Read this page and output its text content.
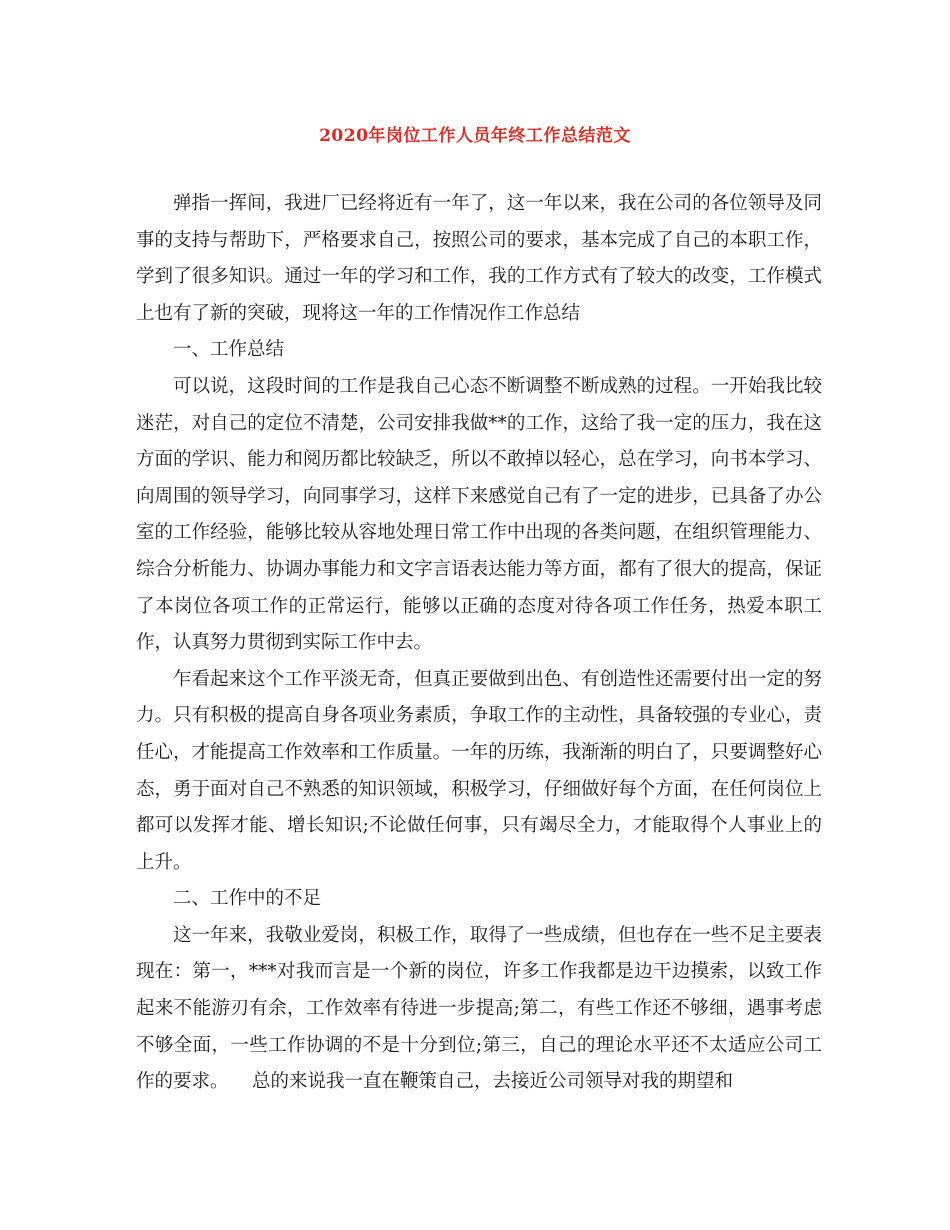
2020年岗位工作人员年终工作总结范文

弹指一挥间，我进厂已经将近有一年了，这一年以来，我在公司的各位领导及同事的支持与帮助下，严格要求自己，按照公司的要求，基本完成了自己的本职工作，学到了很多知识。通过一年的学习和工作，我的工作方式有了较大的改变，工作模式上也有了新的突破，现将这一年的工作情况作工作总结

一、工作总结

可以说，这段时间的工作是我自己心态不断调整不断成熟的过程。一开始我比较迷茫，对自己的定位不清楚，公司安排我做**的工作，这给了我一定的压力，我在这方面的学识、能力和阅历都比较缺乏，所以不敢掉以轻心，总在学习，向书本学习、向周围的领导学习，向同事学习，这样下来感觉自己有了一定的进步，已具备了办公室的工作经验，能够比较从容地处理日常工作中出现的各类问题，在组织管理能力、综合分析能力、协调办事能力和文字言语表达能力等方面，都有了很大的提高，保证了本岗位各项工作的正常运行，能够以正确的态度对待各项工作任务，热爱本职工作，认真努力贯彻到实际工作中去。

乍看起来这个工作平淡无奇，但真正要做到出色、有创造性还需要付出一定的努力。只有积极的提高自身各项业务素质，争取工作的主动性，具备较强的专业心，责任心，才能提高工作效率和工作质量。一年的历练，我渐渐的明白了，只要调整好心态，勇于面对自己不熟悉的知识领域，积极学习，仔细做好每个方面，在任何岗位上都可以发挥才能、增长知识;不论做任何事，只有竭尽全力，才能取得个人事业上的上升。

二、工作中的不足

这一年来，我敬业爱岗，积极工作，取得了一些成绩，但也存在一些不足主要表现在：第一，***对我而言是一个新的岗位，许多工作我都是边干边摸索，以致工作起来不能游刃有余，工作效率有待进一步提高;第二，有些工作还不够细，遇事考虑不够全面，一些工作协调的不是十分到位;第三，自己的理论水平还不太适应公司工作的要求。    总的来说我一直在鞭策自己，去接近公司领导对我的期望和
